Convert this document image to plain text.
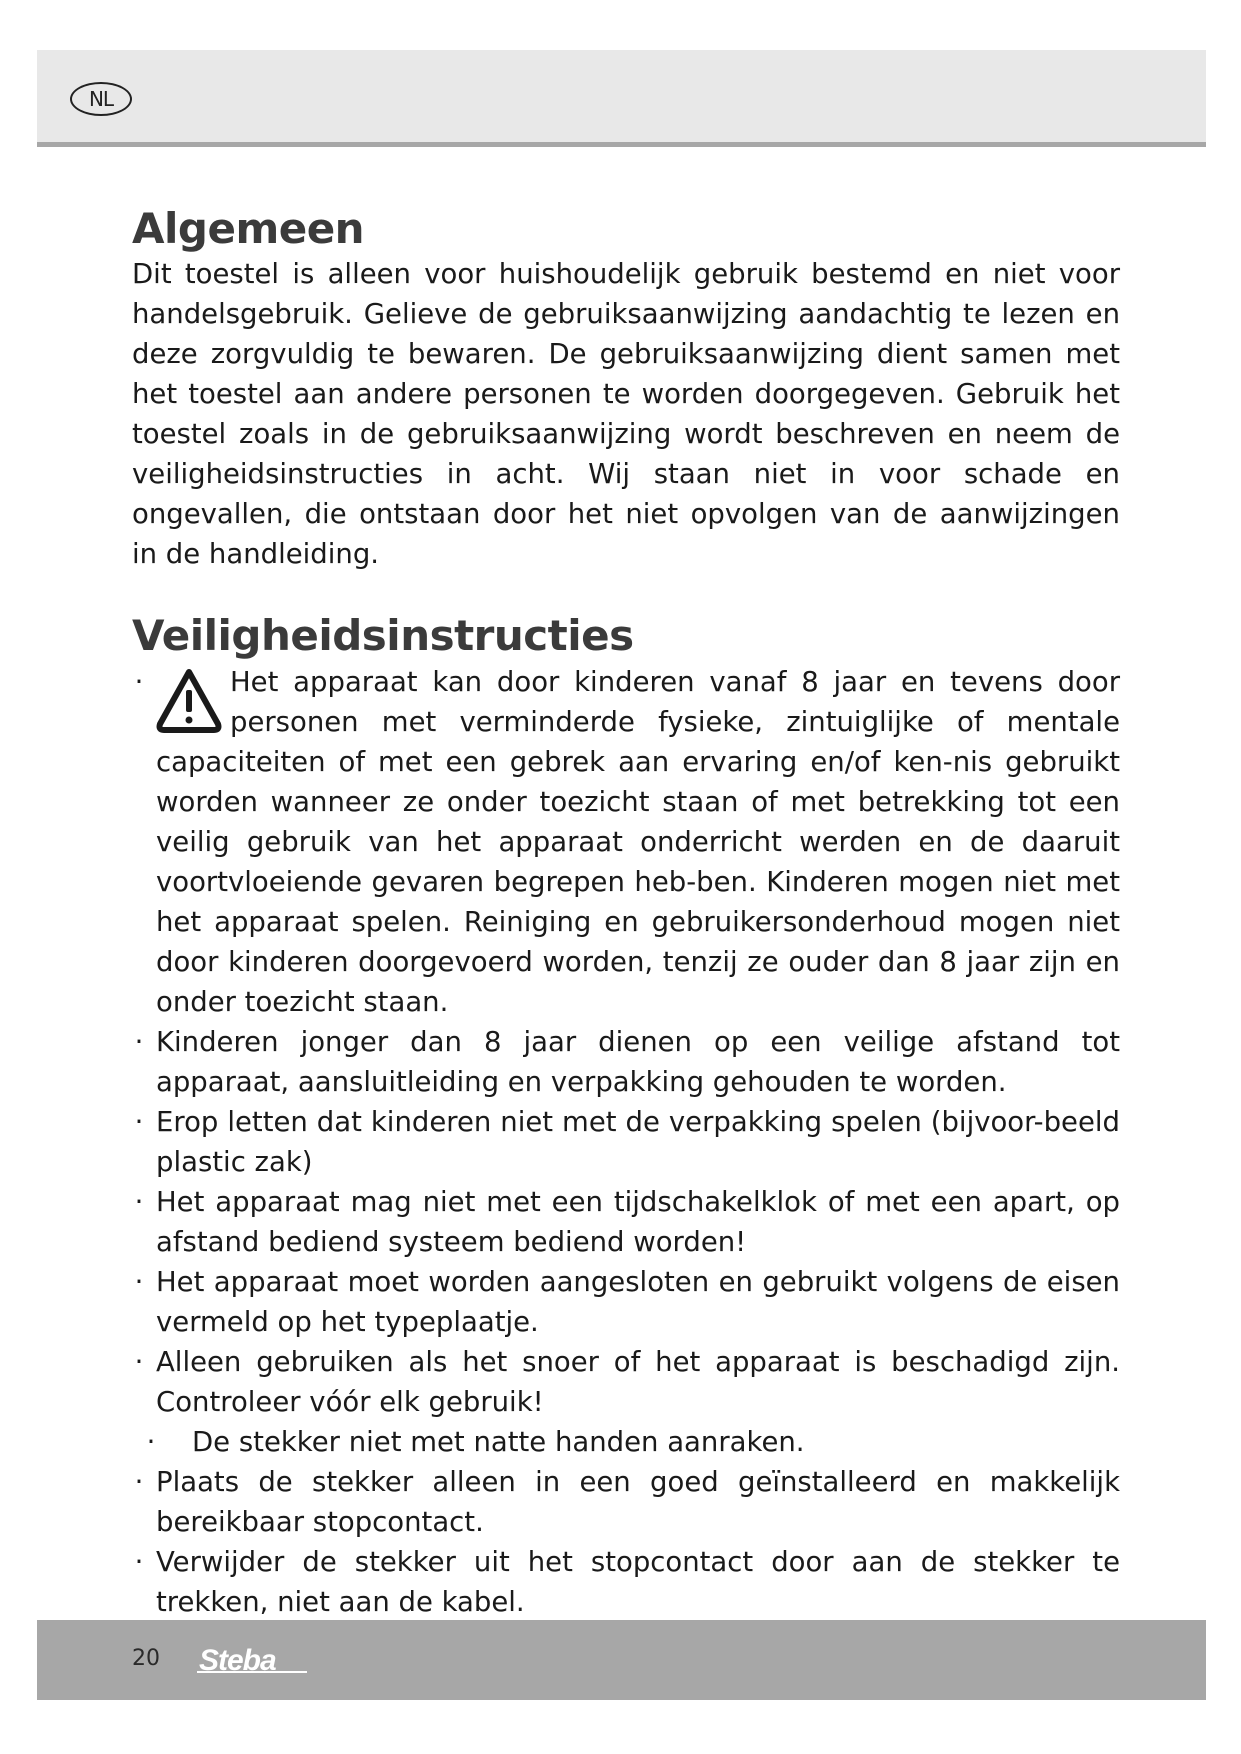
NL
Algemeen

Dit toestel is alleen voor huishoudelijk gebruik bestemd en niet voor handelsgebruik. Gelieve de gebruiksaanwijzing aandachtig te lezen en deze zorgvuldig te bewaren. De gebruiksaanwijzing dient samen met het toestel aan andere personen te worden doorgegeven. Gebruik het toestel zoals in de gebruiksaanwijzing wordt beschreven en neem de veiligheidsinstructies in acht. Wij staan niet in voor schade en ongevallen, die ontstaan door het niet opvolgen van de aanwijzingen in de handleiding.

Veiligheidsinstructies
·	Het apparaat kan door kinderen vanaf 8 jaar en tevens door personen met verminderde fysieke, zintuiglijke of mentale capaciteiten of met een gebrek aan ervaring en/of ken-nis gebruikt worden wanneer ze onder toezicht staan of met betrekking tot een veilig gebruik van het apparaat onderricht werden en de daaruit voortvloeiende gevaren begrepen heb-ben. Kinderen mogen niet met het apparaat spelen. Reiniging en gebruikersonderhoud mogen niet door kinderen doorgevoerd worden, tenzij ze ouder dan 8 jaar zijn en onder toezicht staan.
· Kinderen jonger dan 8 jaar dienen op een veilige afstand tot apparaat, aansluitleiding en verpakking gehouden te worden.
· Erop letten dat kinderen niet met de verpakking spelen (bijvoor-beeld plastic zak)
· Het apparaat mag niet met een tijdschakelklok of met een apart, op afstand bediend systeem bediend worden!
· Het apparaat moet worden aangesloten en gebruikt volgens de eisen vermeld op het typeplaatje.
· Alleen gebruiken als het snoer of het apparaat is beschadigd zijn. Controleer vóór elk gebruik!
· De stekker niet met natte handen aanraken.
· Plaats de stekker alleen in een goed geïnstalleerd en makkelijk bereikbaar stopcontact.
· Verwijder de stekker uit het stopcontact door aan de stekker te trekken, niet aan de kabel.
20 Steba
